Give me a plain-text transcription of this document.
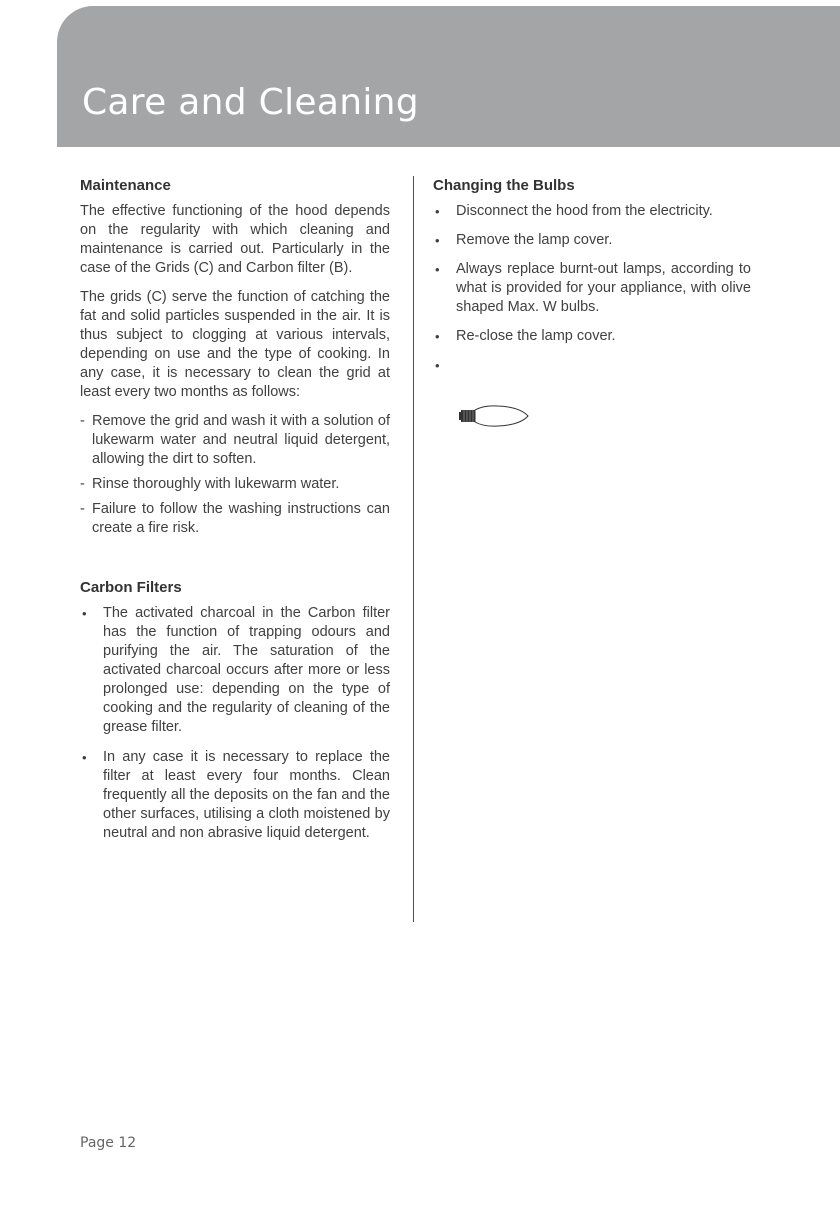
Care and Cleaning
Maintenance

The effective functioning of the hood depends on the regularity with which cleaning and maintenance is carried out. Particularly in the case of the Grids (C) and Carbon filter (B).

The grids (C) serve the function of catching the fat and solid particles suspended in the air. It is thus subject to clogging at various intervals, depending on use and the type of cooking. In any case, it is necessary to clean the grid at least every two months as follows:

- Remove the grid and wash it with a solution of lukewarm water and neutral liquid detergent, allowing the dirt to soften.
- Rinse thoroughly with lukewarm water.
- Failure to follow the washing instructions can create a fire risk.
Carbon Filters
• The activated charcoal in the Carbon filter has the function of trapping odours and purifying the air. The saturation of the activated charcoal occurs after more or less prolonged use: depending on the type of cooking and the regularity of cleaning of the grease filter.
• In any case it is necessary to replace the filter at least every four months. Clean frequently all the deposits on the fan and the other surfaces, utilising a cloth moistened by neutral and non abrasive liquid detergent.
Changing the Bulbs
• Disconnect the hood from the electricity.
• Remove the lamp cover.
• Always replace burnt-out lamps, according to what is provided for your appliance, with olive shaped Max. W bulbs.
• Re-close the lamp cover.
•

Page 12
